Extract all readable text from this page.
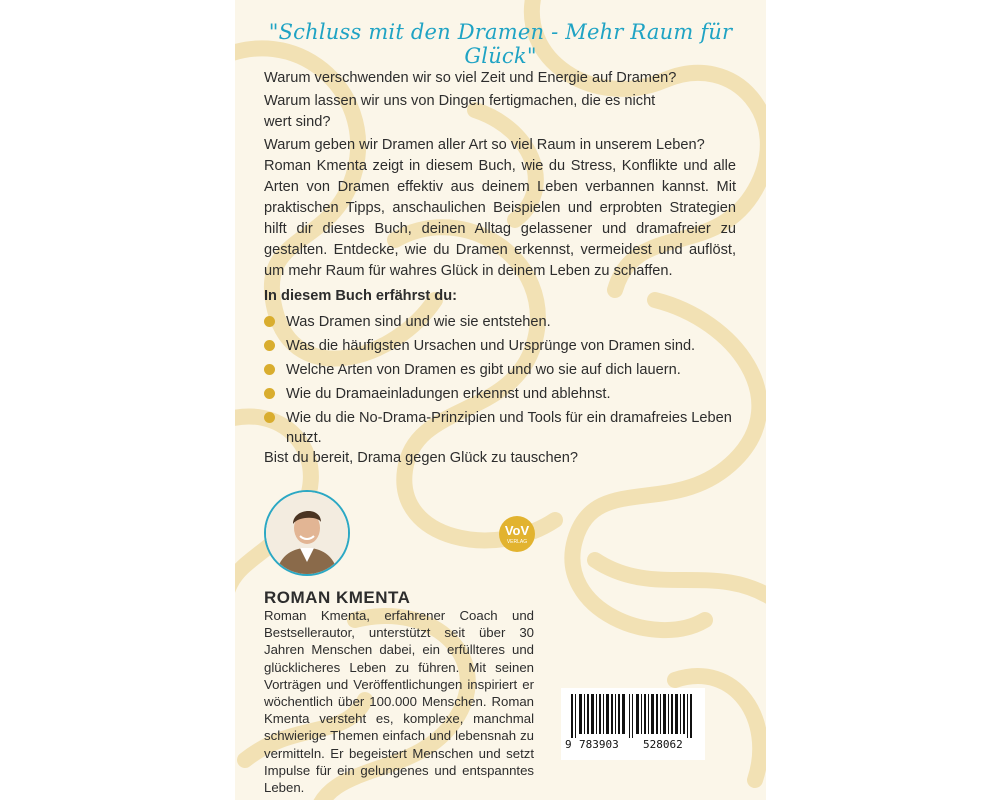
"Schluss mit den Dramen - Mehr Raum für Glück"

Warum verschwenden wir so viel Zeit und Energie auf Dramen?

Warum lassen wir uns von Dingen fertigmachen, die es nicht wert sind?

Warum geben wir Dramen aller Art so viel Raum in unserem Leben?

Roman Kmenta zeigt in diesem Buch, wie du Stress, Konflikte und alle Arten von Dramen effektiv aus deinem Leben verbannen kannst. Mit praktischen Tipps, anschaulichen Beispielen und erprobten Strategien hilft dir dieses Buch, deinen Alltag gelassener und dramafreier zu gestalten. Entdecke, wie du Dramen erkennst, vermeidest und auflöst, um mehr Raum für wahres Glück in deinem Leben zu schaffen.
In diesem Buch erfährst du:
Was Dramen sind und wie sie entstehen.
Was die häufigsten Ursachen und Ursprünge von Dramen sind.
Welche Arten von Dramen es gibt und wo sie auf dich lauern.
Wie du Dramaeinladungen erkennst und ablehnst.
Wie du die No-Drama-Prinzipien und Tools für ein dramafreies Leben nutzt.
Bist du bereit, Drama gegen Glück zu tauschen?
VoV
VERLAG
ROMAN KMENTA
Roman Kmenta, erfahrener Coach und Bestsellerautor, unterstützt seit über 30 Jahren Menschen dabei, ein erfüllteres und glücklicheres Leben zu führen. Mit seinen Vorträgen und Veröffentlichungen inspiriert er wöchentlich über 100.000 Menschen. Roman Kmenta versteht es, komplexe, manchmal schwierige Themen einfach und lebensnah zu vermitteln. Er begeistert Menschen und setzt Impulse für ein gelungenes und entspanntes Leben.
9 783903 528062
